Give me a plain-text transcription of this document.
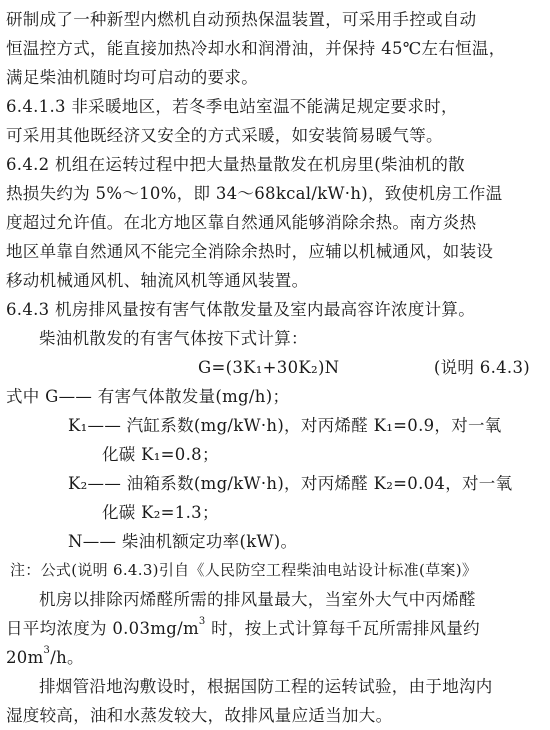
研制成了一种新型内燃机自动预热保温装置，可采用手控或自动
恒温控方式，能直接加热冷却水和润滑油，并保持 45℃左右恒温，
满足柴油机随时均可启动的要求。
6.4.1.3 非采暖地区，若冬季电站室温不能满足规定要求时，
可采用其他既经济又安全的方式采暖，如安装简易暖气等。
6.4.2 机组在运转过程中把大量热量散发在机房里(柴油机的散
热损失约为 5%～10%，即 34～68kcal/kW·h)，致使机房工作温
度超过允许值。在北方地区靠自然通风能够消除余热。南方炎热
地区单靠自然通风不能完全消除余热时，应辅以机械通风，如装设
移动机械通风机、轴流风机等通风装置。
6.4.3 机房排风量按有害气体散发量及室内最高容许浓度计算。
柴油机散发的有害气体按下式计算：
G=(3K₁+30K₂)N	(说明 6.4.3)
式中 G—— 有害气体散发量(mg/h)；
K₁—— 汽缸系数(mg/kW·h)，对丙烯醛 K₁=0.9，对一氧
化碳 K₁=0.8；
K₂—— 油箱系数(mg/kW·h)，对丙烯醛 K₂=0.04，对一氧
化碳 K₂=1.3；
N—— 柴油机额定功率(kW)。
注：公式(说明 6.4.3)引自《人民防空工程柴油电站设计标准(草案)》
机房以排除丙烯醛所需的排风量最大，当室外大气中丙烯醛
日平均浓度为 $0.03mg/m^3$ 时，按上式计算每千瓦所需排风量约
$20m^3/h$。
排烟管沿地沟敷设时，根据国防工程的运转试验，由于地沟内
湿度较高，油和水蒸发较大，故排风量应适当加大。
